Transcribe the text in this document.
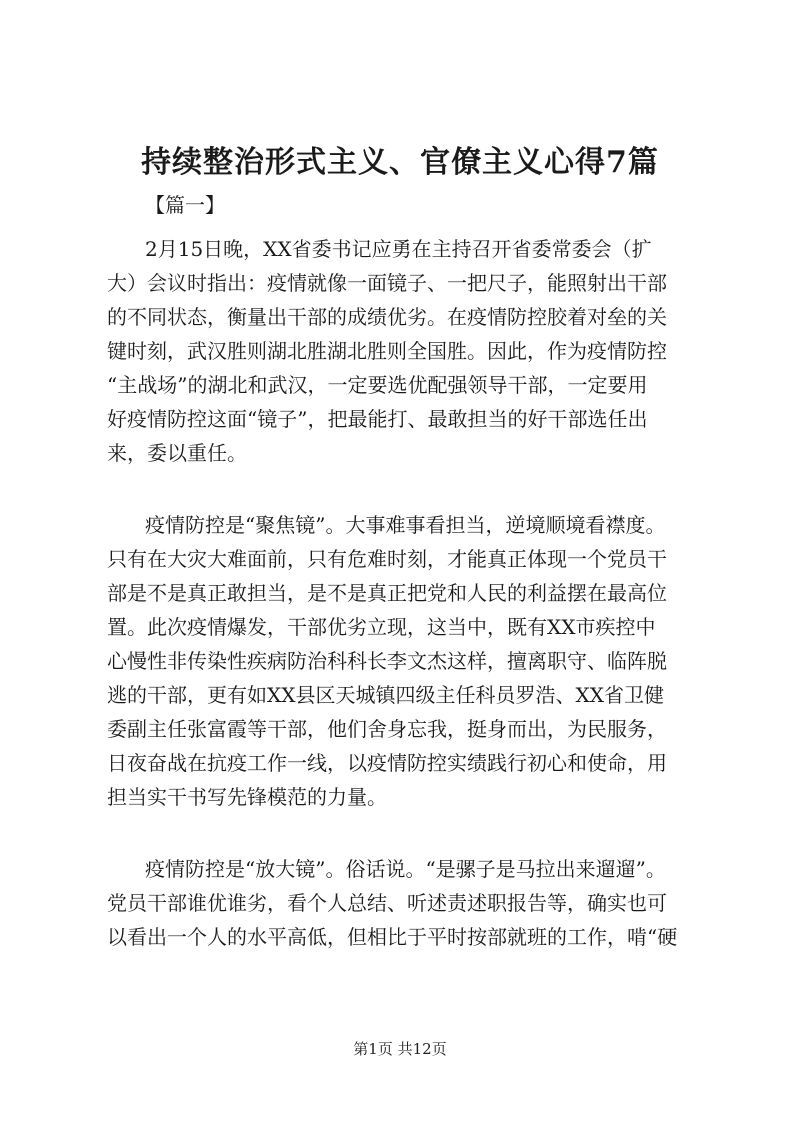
持续整治形式主义、官僚主义心得7篇
【篇一】
2月15日晚，XX省委书记应勇在主持召开省委常委会（扩
大）会议时指出：疫情就像一面镜子、一把尺子，能照射出干部
的不同状态，衡量出干部的成绩优劣。在疫情防控胶着对垒的关
键时刻，武汉胜则湖北胜湖北胜则全国胜。因此，作为疫情防控
“主战场”的湖北和武汉，一定要选优配强领导干部，一定要用
好疫情防控这面“镜子”，把最能打、最敢担当的好干部选任出
来，委以重任。
疫情防控是“聚焦镜”。大事难事看担当，逆境顺境看襟度。
只有在大灾大难面前，只有危难时刻，才能真正体现一个党员干
部是不是真正敢担当，是不是真正把党和人民的利益摆在最高位
置。此次疫情爆发，干部优劣立现，这当中，既有XX市疾控中
心慢性非传染性疾病防治科科长李文杰这样，擅离职守、临阵脱
逃的干部，更有如XX县区天城镇四级主任科员罗浩、XX省卫健
委副主任张富霞等干部，他们舍身忘我，挺身而出，为民服务，
日夜奋战在抗疫工作一线，以疫情防控实绩践行初心和使命，用
担当实干书写先锋模范的力量。
疫情防控是“放大镜”。俗话说。“是骡子是马拉出来遛遛”。
党员干部谁优谁劣，看个人总结、听述责述职报告等，确实也可
以看出一个人的水平高低，但相比于平时按部就班的工作，啃“硬
第1页 共12页
